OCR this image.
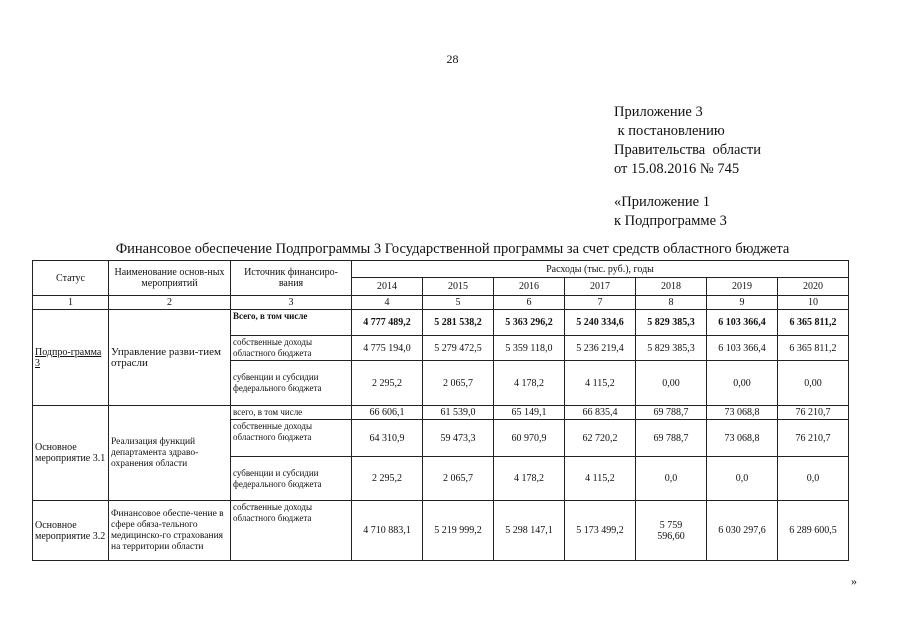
28
Приложение 3
к постановлению
Правительства  области
от 15.08.2016 № 745
«Приложение 1
к Подпрограмме 3
Финансовое обеспечение Подпрограммы 3 Государственной программы за счет средств областного бюджета
Статус	Наименование основ-ных мероприятий	Источник финансиро-вания	Расходы (тыс. руб.), годы						
			2014	2015	2016	2017	2018	2019	2020
1	2	3	4	5	6	7	8	9	10
Подпро-грамма 3	Управление разви-тием отрасли	Всего, в том числе	4 777 489,2	5 281 538,2	5 363 296,2	5 240 334,6	5 829 385,3	6 103 366,4	6 365 811,2
		собственные доходы областного бюджета	4 775 194,0	5 279 472,5	5 359 118,0	5 236 219,4	5 829 385,3	6 103 366,4	6 365 811,2
		субвенции и субсидии федерального бюджета	2 295,2	2 065,7	4 178,2	4 115,2	0,00	0,00	0,00
Основное мероприятие 3.1	Реализация функций департамента здраво-охранения области	всего, в том числе	66 606,1	61 539,0	65 149,1	66 835,4	69 788,7	73 068,8	76 210,7
		собственные доходы областного бюджета	64 310,9	59 473,3	60 970,9	62 720,2	69 788,7	73 068,8	76 210,7
		субвенции и субсидии федерального бюджета	2 295,2	2 065,7	4 178,2	4 115,2	0,0	0,0	0,0
Основное мероприятие 3.2	Финансовое обеспе-чение в сфере обяза-тельного медицинско-го страхования на территории области	собственные доходы областного бюджета	4 710 883,1	5 219 999,2	5 298 147,1	5 173 499,2	5 759 596,60	6 030 297,6	6 289 600,5
»
